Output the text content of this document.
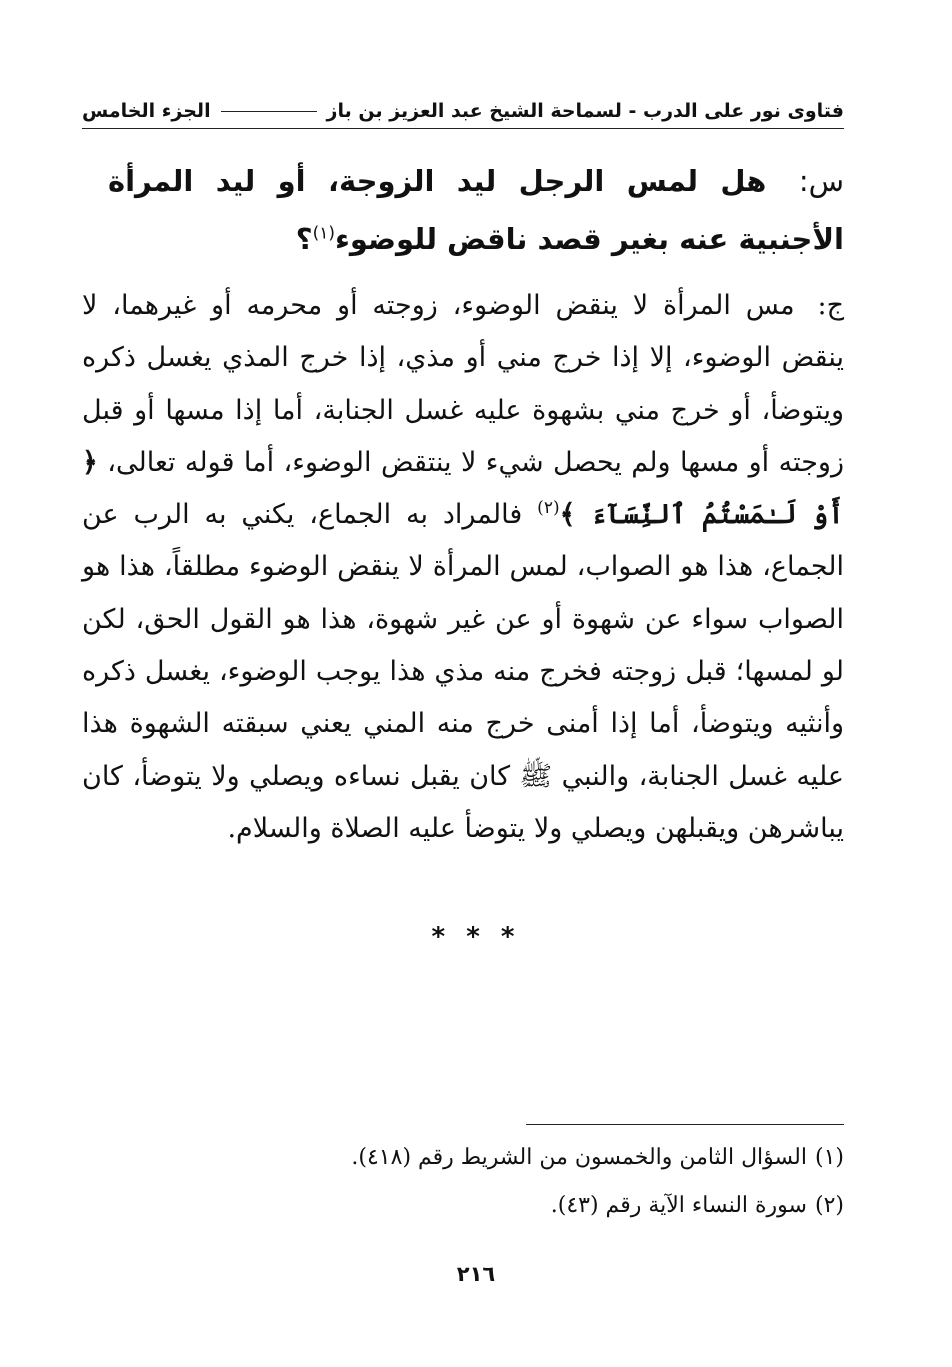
فتاوى نور على الدرب - لسماحة الشيخ عبد العزيز بن باز
الجزء الخامس
س: هل لمس الرجل ليد الزوجة، أو ليد المرأة الأجنبية عنه بغير قصد ناقض للوضوء$^{(١)}$؟
ج: مس المرأة لا ينقض الوضوء، زوجته أو محرمه أو غيرهما، لا ينقض الوضوء، إلا إذا خرج مني أو مذي، إذا خرج المذي يغسل ذكره ويتوضأ، أو خرج مني بشهوة عليه غسل الجنابة، أما إذا مسها أو قبل زوجته أو مسها ولم يحصل شيء لا ينتقض الوضوء، أما قوله تعالى، ﴿ أَوْ لَـٰمَسْتُمُ ٱلنِّسَآءَ ﴾$^{(٢)}$ فالمراد به الجماع، يكني به الرب عن الجماع، هذا هو الصواب، لمس المرأة لا ينقض الوضوء مطلقاً، هذا هو الصواب سواء عن شهوة أو عن غير شهوة، هذا هو القول الحق، لكن لو لمسها؛ قبل زوجته فخرج منه مذي هذا يوجب الوضوء، يغسل ذكره وأنثيه ويتوضأ، أما إذا أمنى خرج منه المني يعني سبقته الشهوة هذا عليه غسل الجنابة، والنبي ﷺ كان يقبل نساءه ويصلي ولا يتوضأ، كان يباشرهن ويقبلهن ويصلي ولا يتوضأ عليه الصلاة والسلام.
* * *
(١)السؤال الثامن والخمسون من الشريط رقم (٤١٨).
(٢)سورة النساء الآية رقم (٤٣).
٢١٦
